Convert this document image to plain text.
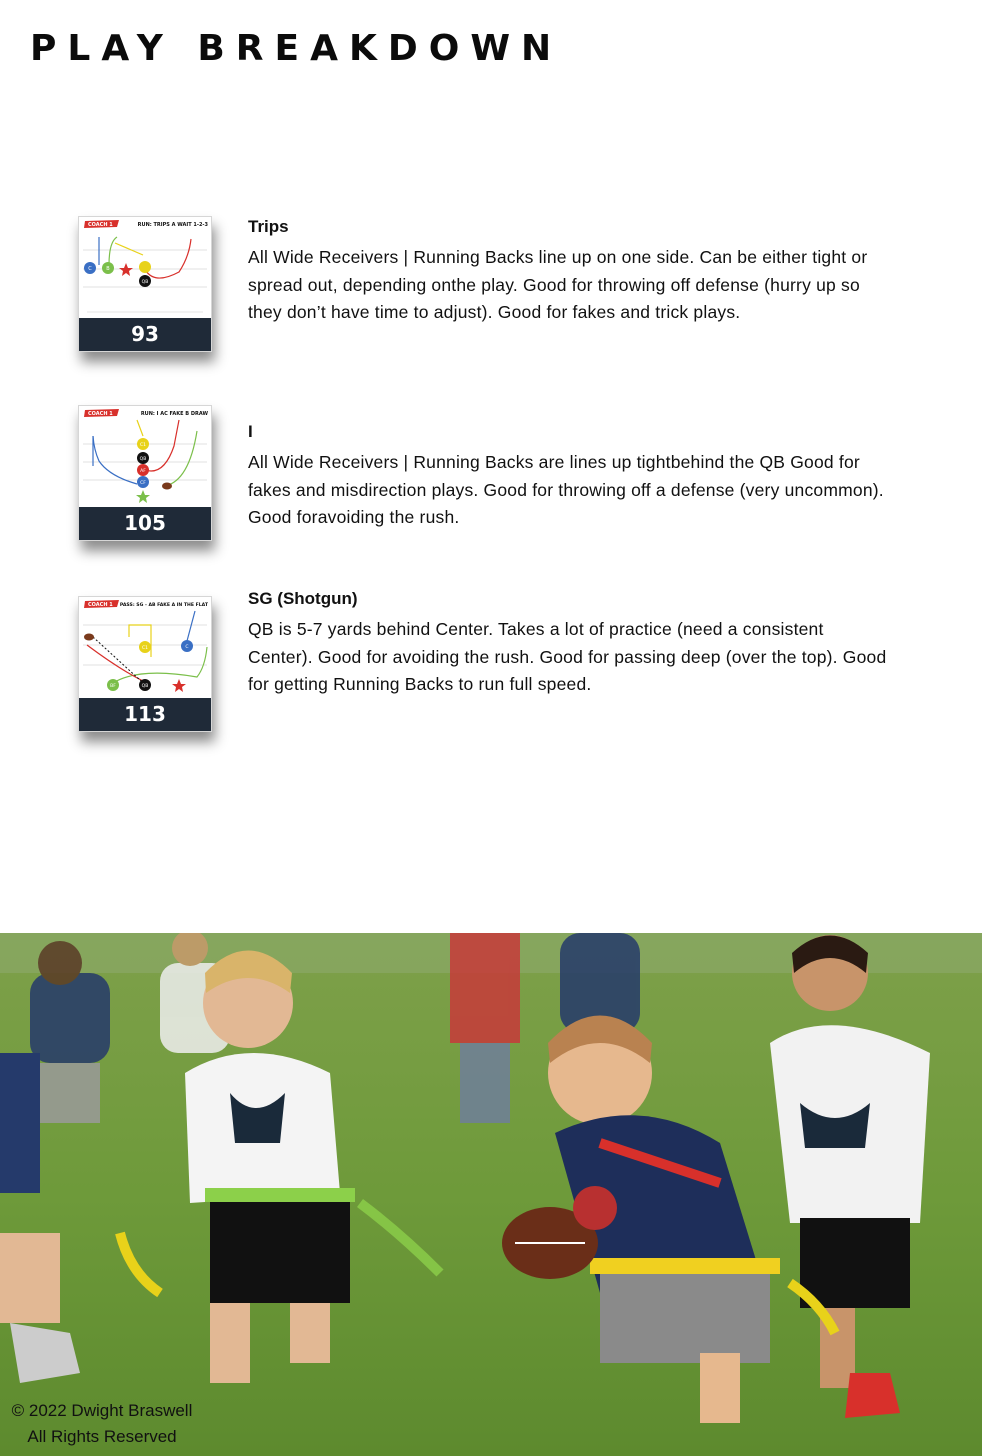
PLAY BREAKDOWN
COACH 1	RUN: TRIPS A WAIT 1-2-3
C	B
QB
93
Trips

All Wide Receivers | Running Backs line up on one side. Can be either tight or spread out, depending onthe play. Good for throwing off defense (hurry up so they don’t have time to adjust). Good for fakes and trick plays.

COACH 1	RUN: I AC FAKE B DRAW
C1
QB
AF
CF
105
I

All Wide Receivers | Running Backs are lines up tightbehind the QB Good for fakes and misdirection plays. Good for throwing off a defense (very uncommon). Good foravoiding the rush.

COACH 1 PASS: SG - AB FAKE A IN THE FLAT
C1	C
BF	QB
113
SG (Shotgun)

QB is 5-7 yards behind Center. Takes a lot of practice (need a consistent Center). Good for avoiding the rush. Good for passing deep (over the top). Good for getting Running Backs to run full speed.

© 2022 Dwight Braswell
All Rights Reserved
